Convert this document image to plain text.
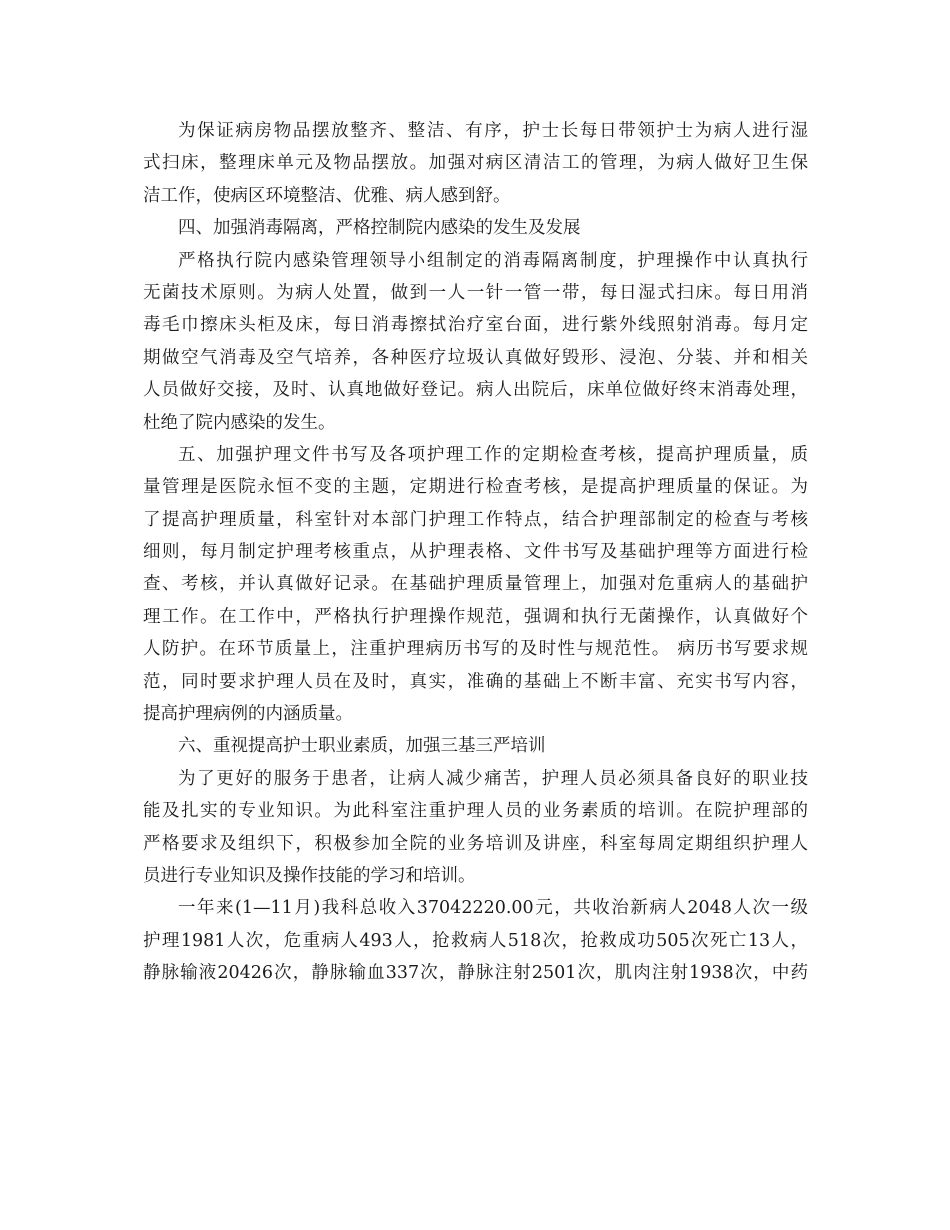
为保证病房物品摆放整齐、整洁、有序，护士长每日带领护士为病人进行湿
式扫床，整理床单元及物品摆放。加强对病区清洁工的管理，为病人做好卫生保
洁工作，使病区环境整洁、优雅、病人感到舒。
四、加强消毒隔离，严格控制院内感染的发生及发展
严格执行院内感染管理领导小组制定的消毒隔离制度，护理操作中认真执行
无菌技术原则。为病人处置，做到一人一针一管一带，每日湿式扫床。每日用消
毒毛巾擦床头柜及床，每日消毒擦拭治疗室台面，进行紫外线照射消毒。每月定
期做空气消毒及空气培养，各种医疗垃圾认真做好毁形、浸泡、分装、并和相关
人员做好交接，及时、认真地做好登记。病人出院后，床单位做好终末消毒处理，
杜绝了院内感染的发生。
五、加强护理文件书写及各项护理工作的定期检查考核，提高护理质量，质
量管理是医院永恒不变的主题，定期进行检查考核，是提高护理质量的保证。为
了提高护理质量，科室针对本部门护理工作特点，结合护理部制定的检查与考核
细则，每月制定护理考核重点，从护理表格、文件书写及基础护理等方面进行检
查、考核，并认真做好记录。在基础护理质量管理上，加强对危重病人的基础护
理工作。在工作中，严格执行护理操作规范，强调和执行无菌操作，认真做好个
人防护。在环节质量上，注重护理病历书写的及时性与规范性。 病历书写要求规
范，同时要求护理人员在及时，真实，准确的基础上不断丰富、充实书写内容，
提高护理病例的内涵质量。
六、重视提高护士职业素质，加强三基三严培训
为了更好的服务于患者，让病人减少痛苦，护理人员必须具备良好的职业技
能及扎实的专业知识。为此科室注重护理人员的业务素质的培训。在院护理部的
严格要求及组织下，积极参加全院的业务培训及讲座，科室每周定期组织护理人
员进行专业知识及操作技能的学习和培训。
一年来(1—11月)我科总收入37042220.00元，共收治新病人2048人次一级
护理1981人次，危重病人493人，抢救病人518次，抢救成功505次死亡13人，
静脉输液20426次，静脉输血337次，静脉注射2501次，肌肉注射1938次，中药
